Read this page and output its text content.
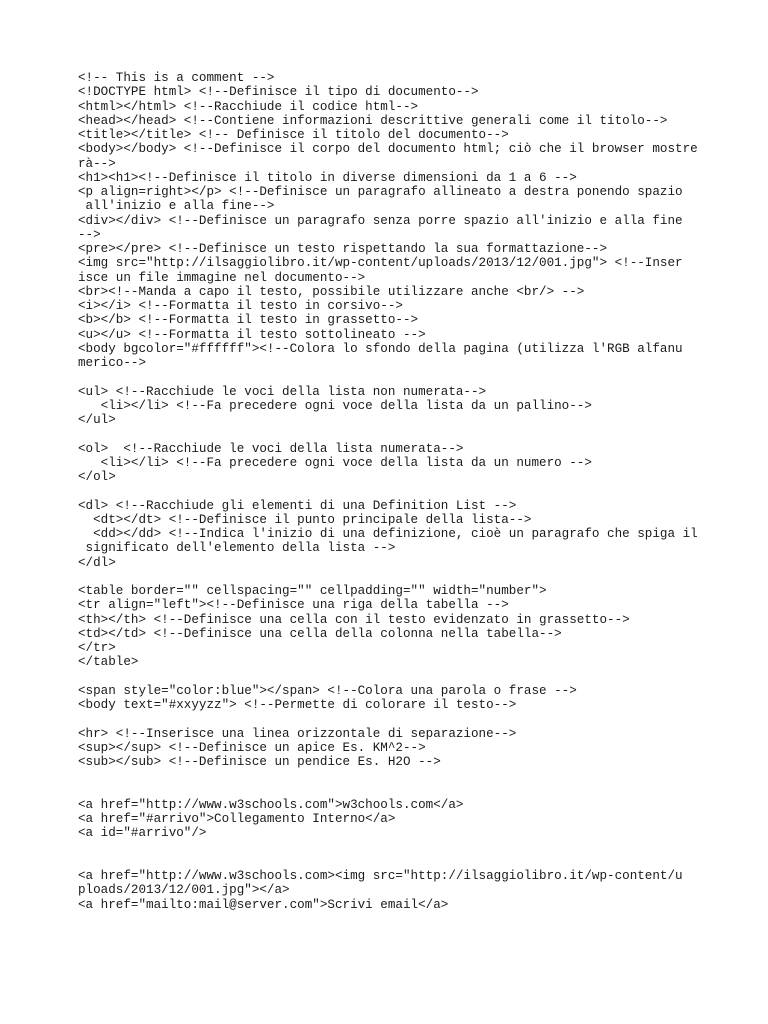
<!-- This is a comment -->
<!DOCTYPE html> <!--Definisce il tipo di documento-->
<html></html> <!--Racchiude il codice html-->
<head></head> <!--Contiene informazioni descrittive generali come il titolo-->
<title></title> <!-- Definisce il titolo del documento-->
<body></body> <!--Definisce il corpo del documento html; ciò che il browser mostre
rà-->
<h1><h1><!--Definisce il titolo in diverse dimensioni da 1 a 6 -->
<p align=right></p> <!--Definisce un paragrafo allineato a destra ponendo spazio
all'inizio e alla fine-->
<div></div> <!--Definisce un paragrafo senza porre spazio all'inizio e alla fine
-->
<pre></pre> <!--Definisce un testo rispettando la sua formattazione-->
<img src="http://ilsaggiolibro.it/wp-content/uploads/2013/12/001.jpg"> <!--Inser
isce un file immagine nel documento-->
<br><!--Manda a capo il testo, possibile utilizzare anche <br/> -->
<i></i> <!--Formatta il testo in corsivo-->
<b></b> <!--Formatta il testo in grassetto-->
<u></u> <!--Formatta il testo sottolineato -->
<body bgcolor="#ffffff"><!--Colora lo sfondo della pagina (utilizza l'RGB alfanu
merico-->
<ul> <!--Racchiude le voci della lista non numerata-->
<li></li> <!--Fa precedere ogni voce della lista da un pallino-->
</ul>
<ol>  <!--Racchiude le voci della lista numerata-->
<li></li> <!--Fa precedere ogni voce della lista da un numero -->
</ol>
<dl> <!--Racchiude gli elementi di una Definition List -->
<dt></dt> <!--Definisce il punto principale della lista-->
<dd></dd> <!--Indica l'inizio di una definizione, cioè un paragrafo che spiga il
significato dell'elemento della lista -->
</dl>
<table border="" cellspacing="" cellpadding="" width="number">
<tr align="left"><!--Definisce una riga della tabella -->
<th></th> <!--Definisce una cella con il testo evidenzato in grassetto-->
<td></td> <!--Definisce una cella della colonna nella tabella-->
</tr>
</table>
<span style="color:blue"></span> <!--Colora una parola o frase -->
<body text="#xxyyzz"> <!--Permette di colorare il testo-->
<hr> <!--Inserisce una linea orizzontale di separazione-->
<sup></sup> <!--Definisce un apice Es. KM^2-->
<sub></sub> <!--Definisce un pendice Es. H2O -->
<a href="http://www.w3schools.com">w3chools.com</a>
<a href="#arrivo">Collegamento Interno</a>
<a id="#arrivo"/>
<a href="http://www.w3schools.com><img src="http://ilsaggiolibro.it/wp-content/u
ploads/2013/12/001.jpg"></a>
<a href="mailto:mail@server.com">Scrivi email</a>
